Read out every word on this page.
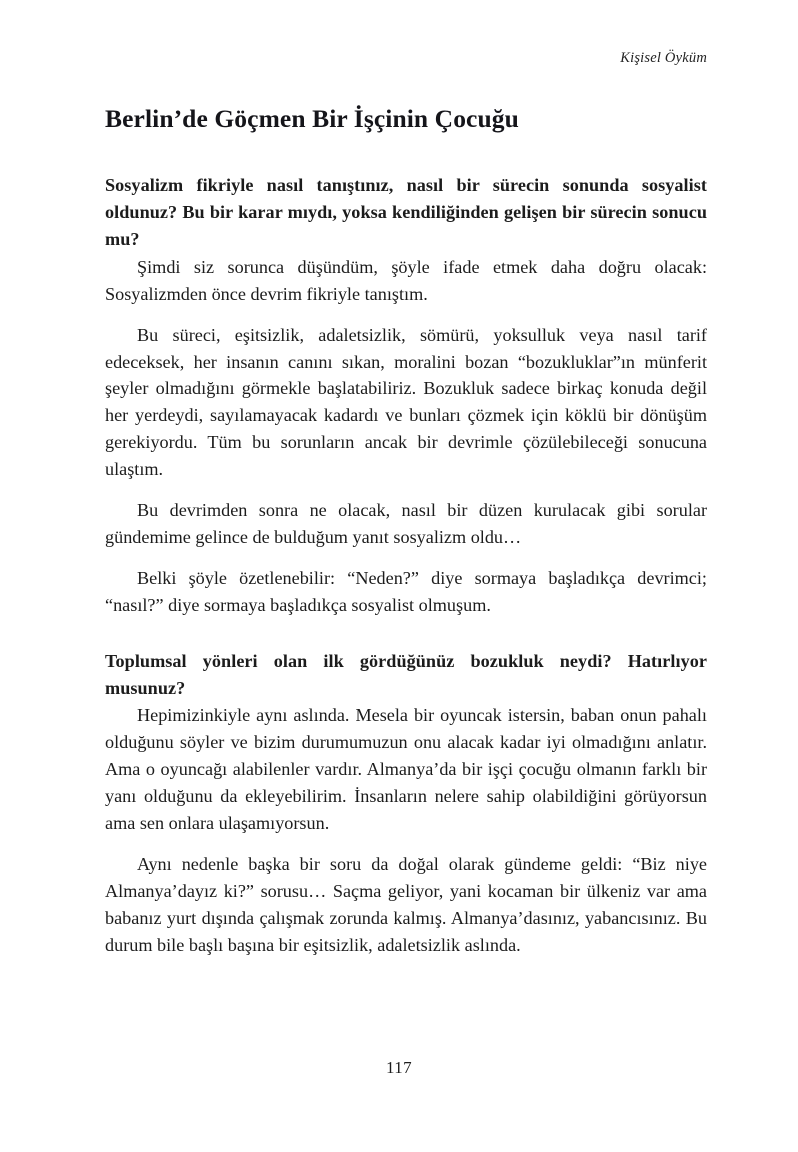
Kişisel Öyküm
Berlin’de Göçmen Bir İşçinin Çocuğu

Sosyalizm fikriyle nasıl tanıştınız, nasıl bir sürecin sonunda sosyalist oldunuz? Bu bir karar mıydı, yoksa kendiliğinden gelişen bir sürecin sonucu mu?

Şimdi siz sorunca düşündüm, şöyle ifade etmek daha doğru olacak: Sosyalizmden önce devrim fikriyle tanıştım.

Bu süreci, eşitsizlik, adaletsizlik, sömürü, yoksulluk veya nasıl tarif edeceksek, her insanın canını sıkan, moralini bozan “bozukluklar”ın münferit şeyler olmadığını görmekle başlatabiliriz. Bozukluk sadece birkaç konuda değil her yerdeydi, sayılamayacak kadardı ve bunları çözmek için köklü bir dönüşüm gerekiyordu. Tüm bu sorunların ancak bir devrimle çözülebileceği sonucuna ulaştım.

Bu devrimden sonra ne olacak, nasıl bir düzen kurulacak gibi sorular gündemime gelince de bulduğum yanıt sosyalizm oldu…

Belki şöyle özetlenebilir: “Neden?” diye sormaya başladıkça devrimci; “nasıl?” diye sormaya başladıkça sosyalist olmuşum.

Toplumsal yönleri olan ilk gördüğünüz bozukluk neydi? Hatırlıyor musunuz?

Hepimizinkiyle aynı aslında. Mesela bir oyuncak istersin, baban onun pahalı olduğunu söyler ve bizim durumumuzun onu alacak kadar iyi olmadığını anlatır. Ama o oyuncağı alabilenler vardır. Almanya’da bir işçi çocuğu olmanın farklı bir yanı olduğunu da ekleyebilirim. İnsanların nelere sahip olabildiğini görüyorsun ama sen onlara ulaşamıyorsun.

Aynı nedenle başka bir soru da doğal olarak gündeme geldi: “Biz niye Almanya’dayız ki?” sorusu… Saçma geliyor, yani kocaman bir ülkeniz var ama babanız yurt dışında çalışmak zorunda kalmış. Almanya’dasınız, yabancısınız. Bu durum bile başlı başına bir eşitsizlik, adaletsizlik aslında.

117
